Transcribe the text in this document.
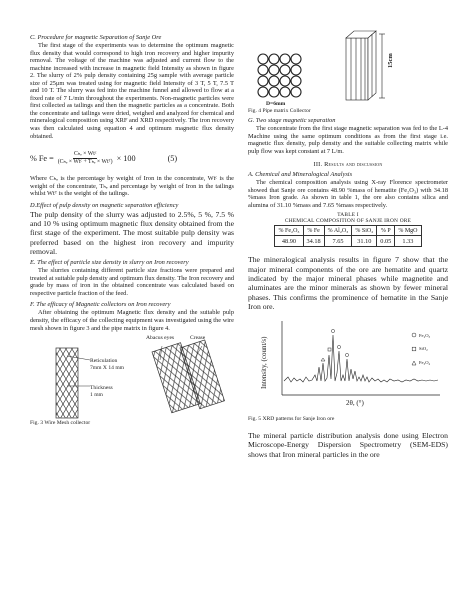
C. Procedure for magnetic Separation of Sanje Ore

The first stage of the experiments was to determine the optimum magnetic flux density that would correspond to high iron recovery and higher impurity removal. The voltage of the machine was adjusted and current flow to the machine increased with increase in magnetic field Intensity as shown in figure 2. The slurry of 2% pulp density containing 25g sample with average particle size of 25μm was treated using for magnetic field Intensity of 3 T, 5 T, 7.5 T and 10 T. The slurry was fed into the machine funnel and allowed to flow at a fixed rate of 7 L/min throughout the experiments. Non-magnetic particles were first collected as tailings and then the magnetic particles as a concentrate. Both the concentrate and tailings were dried, weighed and analyzed for chemical and mineralogical composition using XRF and XRD respectively. The iron recovery was then calculated using equation 4 and optimum magnetic flux density obtained.

% $Fe = \frac{\text{Cₕₑ × Wtᶜ}}{\text{(Cₕₑ × Wtᶜ + Tₕₑ × Wtᵀ)}} \times 100$	(5)

Where Cₕₑ is the percentage by weight of Iron in the concentrate, Wtᶜ is the weight of the concentrate, Tₕₑ and percentage by weight of Iron in the tailings whilst Wtᵀ is the weight of the tailings.

D.Effect of pulp density on magnetic separation efficiency

The pulp density of the slurry was adjusted to 2.5%, 5 %, 7.5 % and 10 % using optimum magnetic flux density obtained from the first stage of the experiment. The most suitable pulp density was preferred based on the highest iron recovery and impurity removal.

E. The effect of particle size density in slurry on Iron recovery

The slurries containing different particle size fractions were prepared and treated at suitable pulp density and optimum flux density. The Iron recovery and grade by mass of iron in the obtained concentrate was calculated based on respective particle fraction of the feed.

F. The efficacy of Magnetic collectors on Iron recovery

After obtaining the optimum Magnetic flux density and the suitable pulp density, the efficacy of the collecting equipment was investigated using the wire mesh shown in figure 3 and the pipe matrix in figure 4.

Abacus eyes	Crease
Reticulation
7mm X 14 mm
Thickness
1 mm
Fig. 3 Wire Mesh collector
15cm
D=6mm
Fig. 4 Pipe matrix Collector

G. Two stage magnetic separation

The concentrate from the first stage magnetic separation was fed to the L-4 Machine using the same optimum conditions as from the first stage i.e. magnetic flux density, pulp density and the suitable collecting matrix while pulp flow was kept constant at 7 L/m.

III. Results and discussion

A. Chemical and Mineralogical Analysis

The chemical composition analysis using X-ray Florence spectrometer showed that Sanje ore contains 48.90 %mass of hematite (Fe₂O₃) with 34.18 %mass Iron grade. As shown in table 1, the ore also contains silica and alumina of 31.10 %mass and 7.65 %mass respectively.

TABLE I

CHEMICAL COMPOSITION OF SANJE IRON ORE

% Fe₂O₃	% Fe	% Al₂O₃	% SiO₂	% P	% MgO
48.90	34.18	7.65	31.10	0.05	1.33

The mineralogical analysis results in figure 7 show that the major mineral components of the ore are hematite and quartz indicated by the major mineral phases while magnetite and aluminates are the minor minerals as shown by fewer mineral phases. This confirms the prominence of hematite in the Sanje Iron ore.

Fe₂O₃
SiO₂
Fe₃O₄
Intensity, (count/s)
2θ, (°)
Fig. 5 XRD patterns for Sanje Iron ore

The mineral particle distribution analysis done using Electron Microscope-Energy Dispersion Spectrometry (SEM-EDS) shows that Iron mineral particles in the ore
